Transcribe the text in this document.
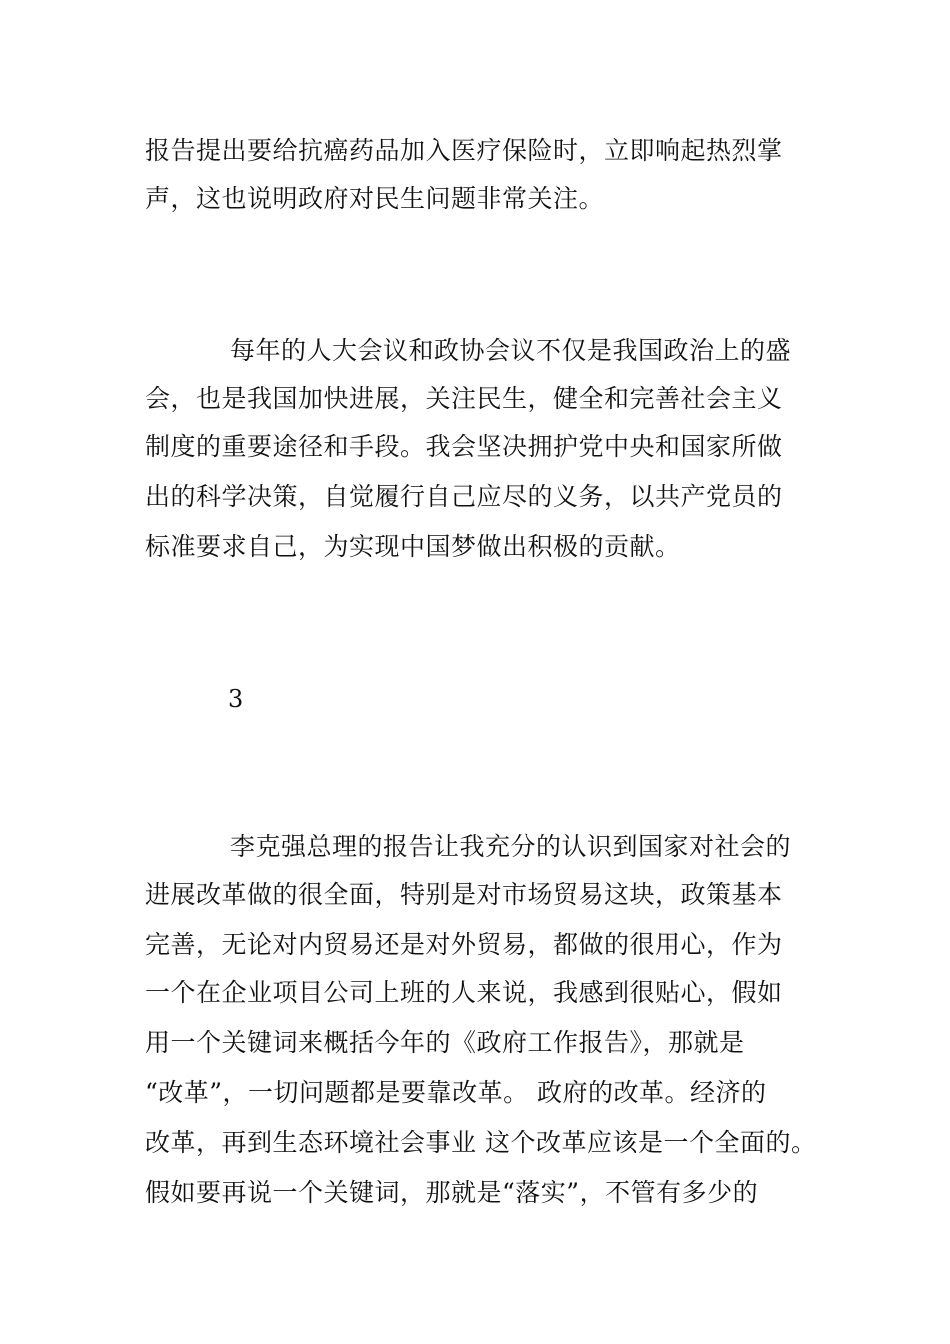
报告提出要给抗癌药品加入医疗保险时，立即响起热烈掌
声，这也说明政府对民生问题非常关注。
每年的人大会议和政协会议不仅是我国政治上的盛
会，也是我国加快进展，关注民生，健全和完善社会主义
制度的重要途径和手段。我会坚决拥护党中央和国家所做
出的科学决策，自觉履行自己应尽的义务，以共产党员的
标准要求自己，为实现中国梦做出积极的贡献。
3
李克强总理的报告让我充分的认识到国家对社会的
进展改革做的很全面，特别是对市场贸易这块，政策基本
完善，无论对内贸易还是对外贸易，都做的很用心，作为
一个在企业项目公司上班的人来说，我感到很贴心，假如
用一个关键词来概括今年的《政府工作报告》，那就是
“改革”，一切问题都是要靠改革。 政府的改革。经济的
改革，再到生态环境社会事业 这个改革应该是一个全面的。
假如要再说一个关键词，那就是“落实”，不管有多少的
